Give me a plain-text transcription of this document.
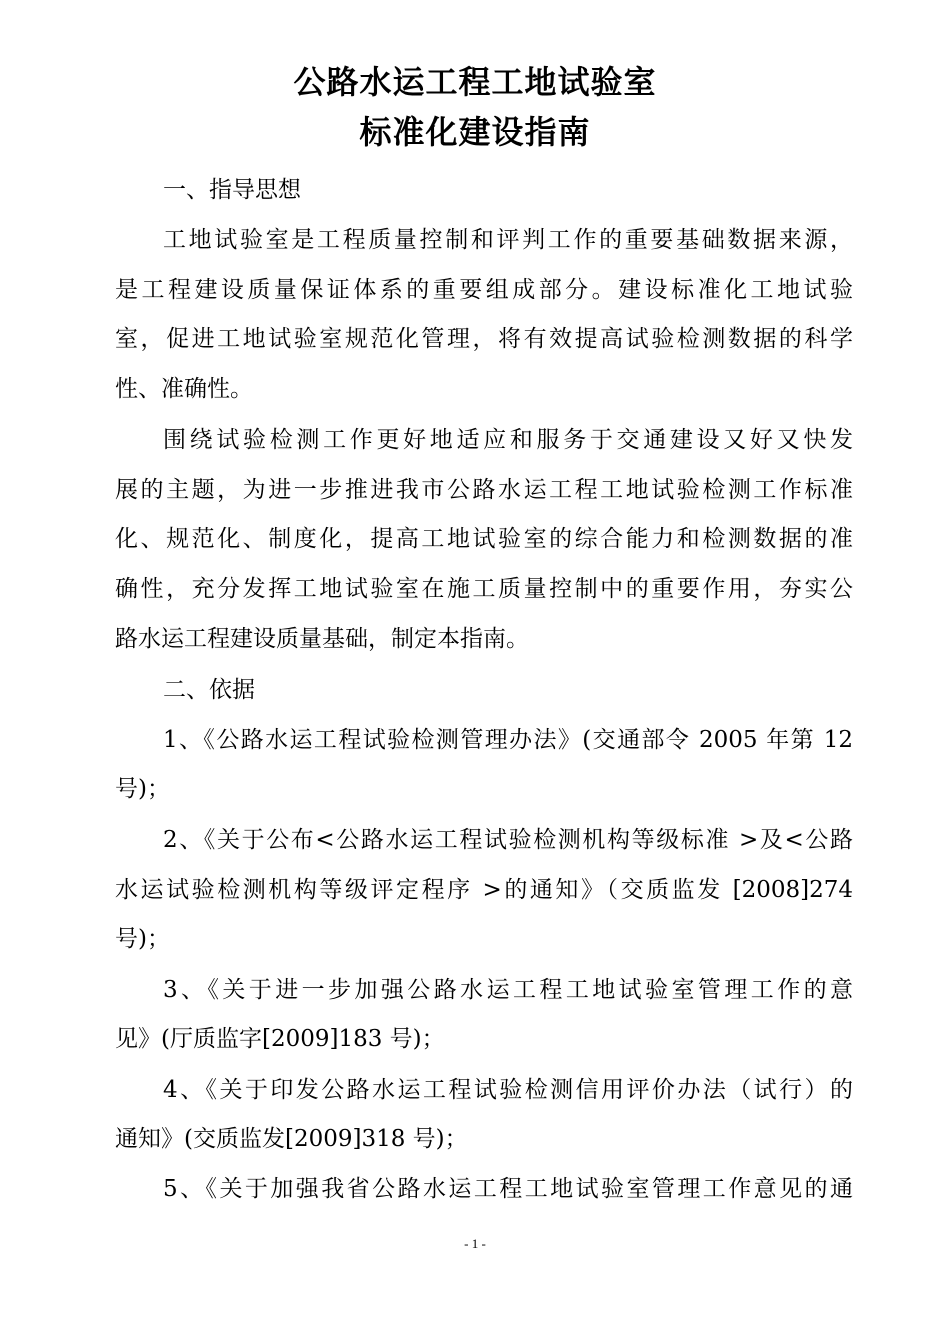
公路水运工程工地试验室
标准化建设指南

一、指导思想

工地试验室是工程质量控制和评判工作的重要基础数据来源，

是工程建设质量保证体系的重要组成部分。建设标准化工地试验

室，促进工地试验室规范化管理，将有效提高试验检测数据的科学

性、准确性。

围绕试验检测工作更好地适应和服务于交通建设又好又快发

展的主题，为进一步推进我市公路水运工程工地试验检测工作标准

化、规范化、制度化，提高工地试验室的综合能力和检测数据的准

确性，充分发挥工地试验室在施工质量控制中的重要作用，夯实公

路水运工程建设质量基础，制定本指南。

二、依据

1、《公路水运工程试验检测管理办法》(交通部令 2005 年第 12

号)；

2、《关于公布<公路水运工程试验检测机构等级标准 >及<公路

水运试验检测机构等级评定程序 >的通知》（交质监发 [2008]274

号)；

3、《关于进一步加强公路水运工程工地试验室管理工作的意

见》(厅质监字[2009]183 号)；

4、《关于印发公路水运工程试验检测信用评价办法（试行）的

通知》(交质监发[2009]318 号)；

5、《关于加强我省公路水运工程工地试验室管理工作意见的通

- 1 -
